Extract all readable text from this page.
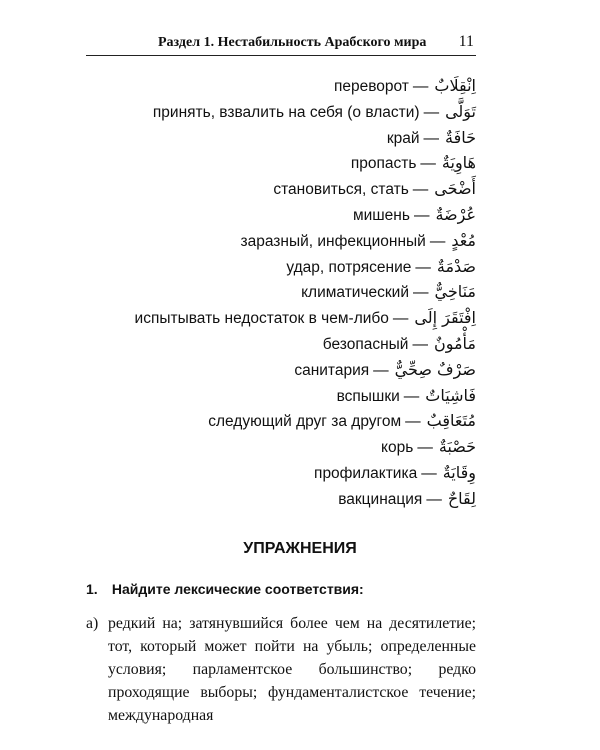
Раздел 1. Нестабильность Арабского мира 11
переворот — اِنْقِلَابٌ
принять, взвалить на себя (о власти) — تَوَلَّى
край — حَافَةٌ
пропасть — هَاوِيَةٌ
становиться, стать — أَضْحَى
мишень — عُرْضَةٌ
заразный, инфекционный — مُعْدٍ
удар, потрясение — صَدْمَةٌ
климатический — مَنَاخِيٌّ
испытывать недостаток в чем-либо — اِفْتَقَرَ إِلَى
безопасный — مَأْمُونٌ
санитария — صَرْفٌ صِحِّيٌّ
вспышки — فَاشِيَاتٌ
следующий друг за другом — مُتَعَاقِبٌ
корь — حَصْبَةٌ
профилактика — وِقَايَةٌ
вакцинация — لِقَاحٌ
УПРАЖНЕНИЯ
1. Найдите лексические соответствия:
а) редкий на; затянувшийся более чем на десятилетие; тот, который может пойти на убыль; определенные условия; парламентское большинство; редко проходящие выборы; фундаменталистское течение; международная
